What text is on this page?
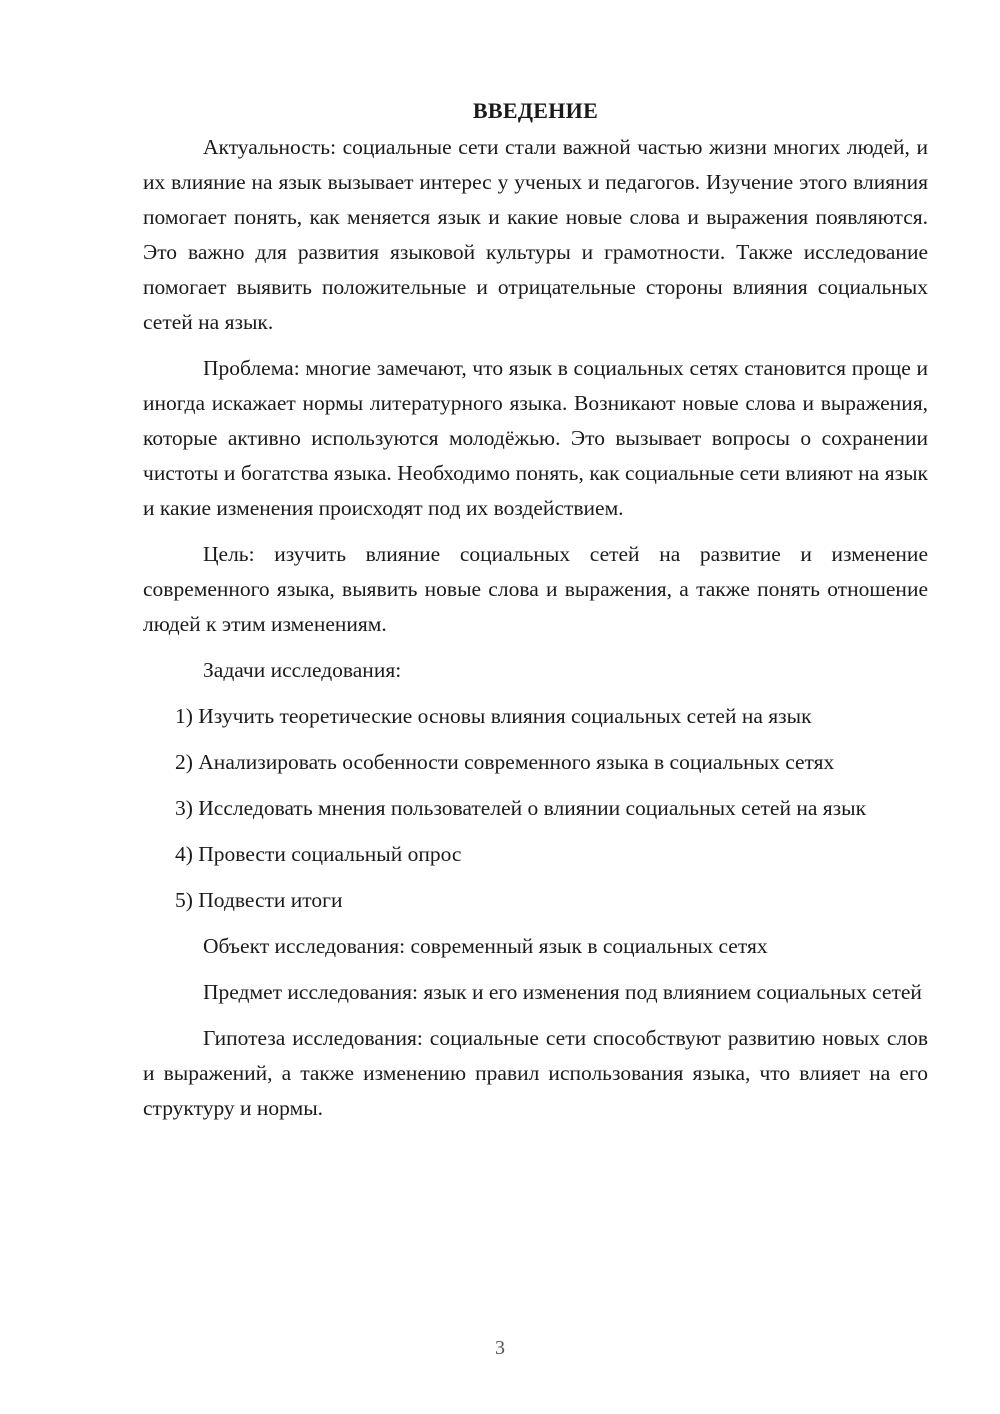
ВВЕДЕНИЕ

Актуальность: социальные сети стали важной частью жизни многих людей, и их влияние на язык вызывает интерес у ученых и педагогов. Изучение этого влияния помогает понять, как меняется язык и какие новые слова и выражения появляются. Это важно для развития языковой культуры и грамотности. Также исследование помогает выявить положительные и отрицательные стороны влияния социальных сетей на язык.

Проблема: многие замечают, что язык в социальных сетях становится проще и иногда искажает нормы литературного языка. Возникают новые слова и выражения, которые активно используются молодёжью. Это вызывает вопросы о сохранении чистоты и богатства языка. Необходимо понять, как социальные сети влияют на язык и какие изменения происходят под их воздействием.

Цель: изучить влияние социальных сетей на развитие и изменение современного языка, выявить новые слова и выражения, а также понять отношение людей к этим изменениям.

Задачи исследования:

1) Изучить теоретические основы влияния социальных сетей на язык

2) Анализировать особенности современного языка в социальных сетях

3) Исследовать мнения пользователей о влиянии социальных сетей на язык

4) Провести социальный опрос

5) Подвести итоги

Объект исследования: современный язык в социальных сетях

Предмет исследования: язык и его изменения под влиянием социальных сетей

Гипотеза исследования: социальные сети способствуют развитию новых слов и выражений, а также изменению правил использования языка, что влияет на его структуру и нормы.

3
